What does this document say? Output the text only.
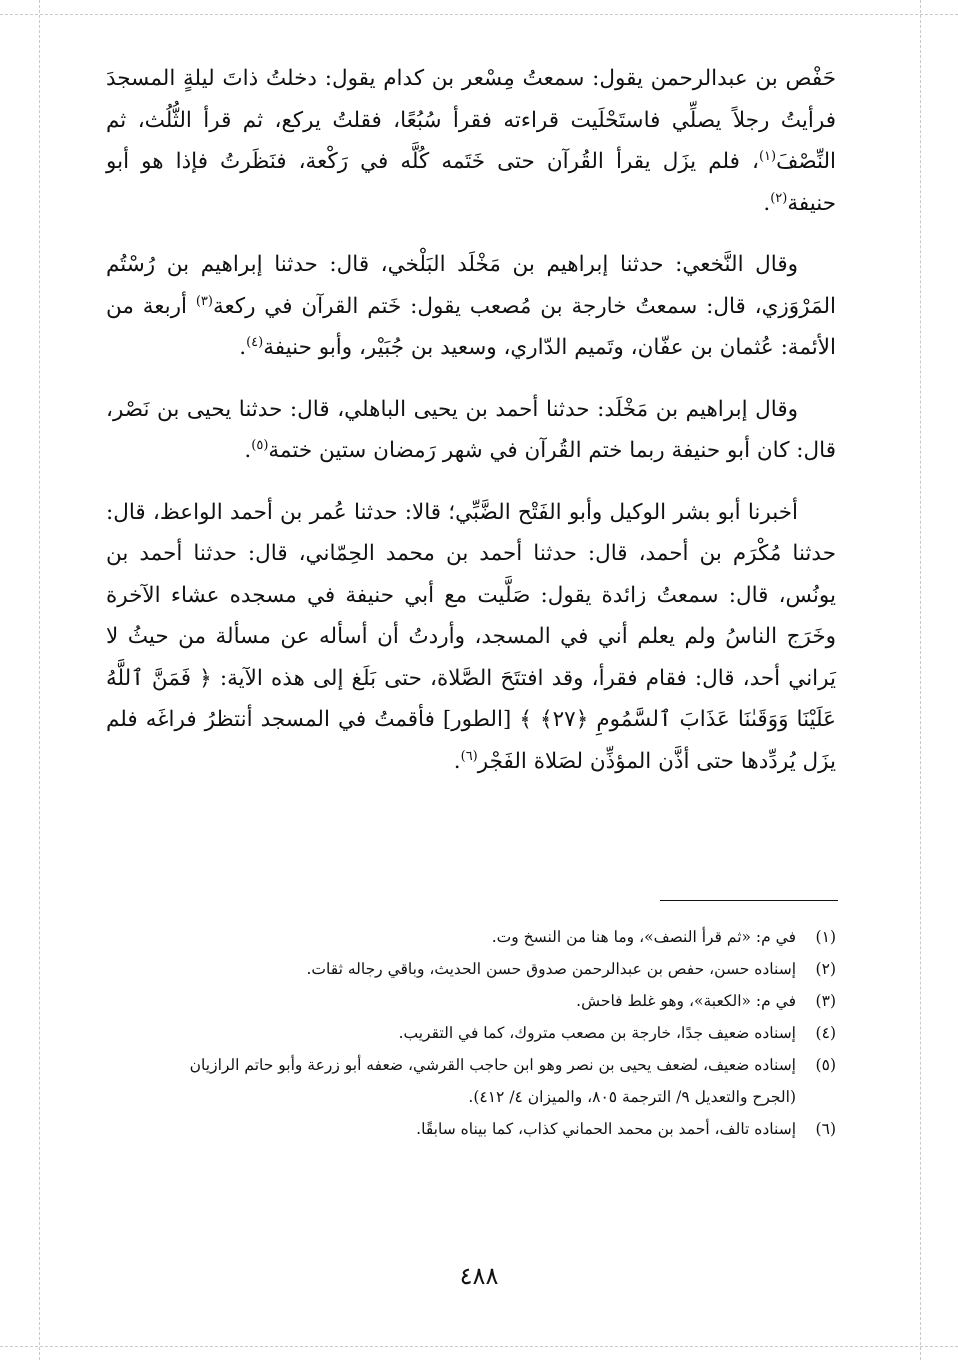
حَفْص بن عبدالرحمن يقول: سمعتُ مِسْعر بن كدام يقول: دخلتُ ذاتَ ليلةٍ المسجدَ فرأيتُ رجلاً يصلِّي فاستَحْلَيت قراءته فقرأ سُبُعًا، فقلتُ يركع، ثم قرأ الثُّلُث، ثم النِّصْفَ$^{(١)}$، فلم يزَل يقرأ القُرآن حتى خَتَمه كُلَّه في رَكْعة، فنَظَرتُ فإذا هو أبو حنيفة$^{(٢)}$.

وقال النَّخعي: حدثنا إبراهيم بن مَخْلَد البَلْخي، قال: حدثنا إبراهيم بن رُسْتُم المَرْوَزي، قال: سمعتُ خارجة بن مُصعب يقول: خَتم القرآن في ركعة$^{(٣)}$ أربعة من الأئمة: عُثمان بن عفّان، وتَميم الدّاري، وسعيد بن جُبَيْر، وأبو حنيفة$^{(٤)}$.

وقال إبراهيم بن مَخْلَد: حدثنا أحمد بن يحيى الباهلي، قال: حدثنا يحيى بن نَصْر، قال: كان أبو حنيفة ربما ختم القُرآن في شهر رَمضان ستين ختمة$^{(٥)}$.

أخبرنا أبو بشر الوكيل وأبو الفَتْح الضَّبِّي؛ قالا: حدثنا عُمر بن أحمد الواعظ، قال: حدثنا مُكْرَم بن أحمد، قال: حدثنا أحمد بن محمد الحِمّاني، قال: حدثنا أحمد بن يونُس، قال: سمعتُ زائدة يقول: صَلَّيت مع أبي حنيفة في مسجده عشاء الآخرة وخَرَج الناسُ ولم يعلم أني في المسجد، وأردتُ أن أسأله عن مسألة من حيثُ لا يَراني أحد، قال: فقام فقرأ، وقد افتتَحَ الصَّلاة، حتى بَلَغ إلى هذه الآية: ﴿ فَمَنَّ ٱللَّهُ عَلَيْنَا وَوَقَىٰنَا عَذَابَ ٱلسَّمُومِ ﴿٢٧﴾ ﴾ [الطور] فأقمتُ في المسجد أنتظرُ فراغَه فلم يزَل يُردِّدها حتى أذَّن المؤذِّن لصَلاة الفَجْر$^{(٦)}$.

(١)
في م: «ثم قرأ النصف»، وما هنا من النسخ وت.
(٢)
إسناده حسن، حفص بن عبدالرحمن صدوق حسن الحديث، وباقي رجاله ثقات.
(٣)
في م: «الكعبة»، وهو غلط فاحش.
(٤)
إسناده ضعيف جدًا، خارجة بن مصعب متروك، كما في التقريب.
(٥)
إسناده ضعيف، لضعف يحيى بن نصر وهو ابن حاجب القرشي، ضعفه أبو زرعة وأبو حاتم الرازيان (الجرح والتعديل ٩/ الترجمة ٨٠٥، والميزان ٤/ ٤١٢).
(٦)
إسناده تالف، أحمد بن محمد الحماني كذاب، كما بيناه سابقًا.
٤٨٨
